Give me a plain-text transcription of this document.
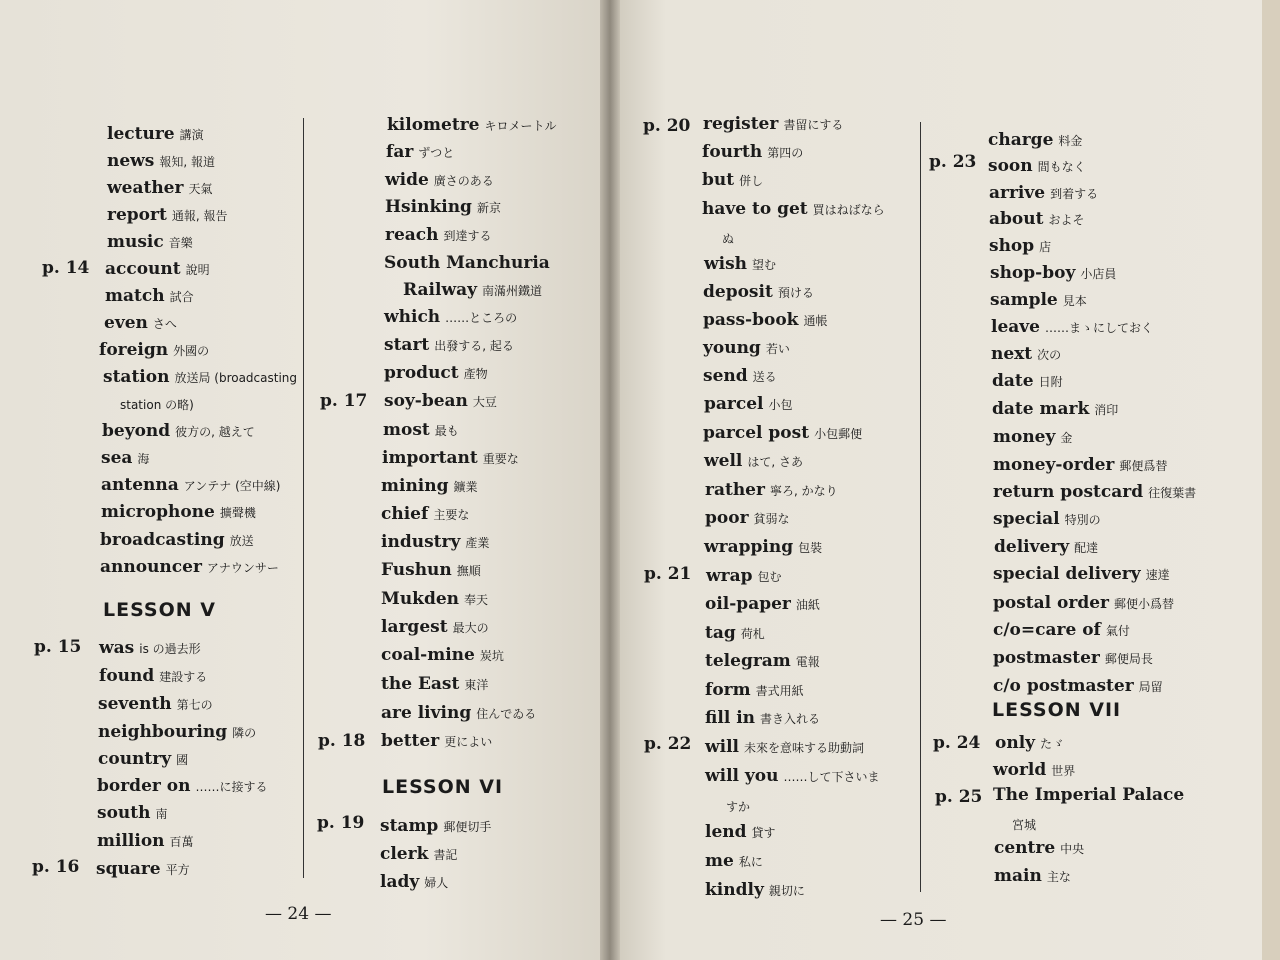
lecture 講演
news 報知, 報道
weather 天氣
report 通報, 報告
music 音樂
account 說明
match 試合
even さへ
foreign 外國の
station 放送局 (broadcasting
station の略)
beyond 彼方の, 越えて
sea 海
antenna アンテナ (空中線)
microphone 擴聲機
broadcasting 放送
announcer アナウンサー
was is の過去形
found 建設する
seventh 第七の
neighbouring 隣の
country 國
border on ……に接する
south 南
million 百萬
square 平方
kilometre キロメートル
far ずつと
wide 廣さのある
Hsinking 新京
reach 到達する
South Manchuria
Railway 南滿州鐵道
which ……ところの
start 出發する, 起る
product 產物
soy-bean 大豆
most 最も
important 重要な
mining 鑛業
chief 主要な
industry 產業
Fushun 撫順
Mukden 奉天
largest 最大の
coal-mine 炭坑
the East 東洋
are living 住んでゐる
better 更によい
stamp 郵便切手
clerk 書記
lady 婦人
register 書留にする
fourth 第四の
but 併し
have to get 買はねばなら
ぬ
wish 望む
deposit 預ける
pass-book 通帳
young 若い
send 送る
parcel 小包
parcel post 小包郵便
well はて, さあ
rather 寧ろ, かなり
poor 貧弱な
wrapping 包裝
wrap 包む
oil-paper 油紙
tag 荷札
telegram 電報
form 書式用紙
fill in 書き入れる
will 未來を意味する助動詞
will you ……して下さいま
すか
lend 貸す
me 私に
kindly 親切に
charge 料金
soon 間もなく
arrive 到着する
about およそ
shop 店
shop-boy 小店員
sample 見本
leave ……まゝにしておく
next 次の
date 日附
date mark 消印
money 金
money-order 郵便爲替
return postcard 往復葉書
special 特別の
delivery 配達
special delivery 速達
postal order 郵便小爲替
c/o=care of 氣付
postmaster 郵便局長
c/o postmaster 局留
only たゞ
world 世界
The Imperial Palace
宮城
centre 中央
main 主な
p. 14
p. 15
p. 16
p. 17
p. 18
p. 19
p. 20
p. 21
p. 22
p. 23
p. 24
p. 25
LESSON V
LESSON VI
LESSON VII
— 24 —	— 25 —
